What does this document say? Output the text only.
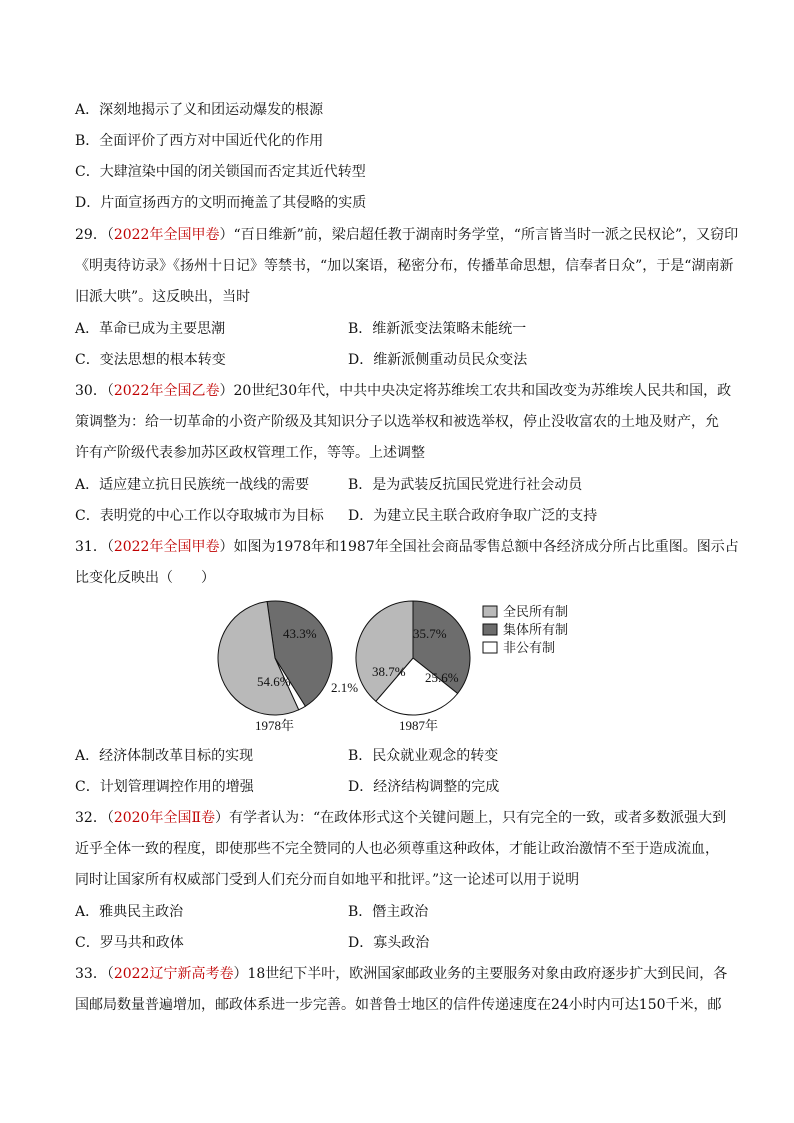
A．深刻地揭示了义和团运动爆发的根源
B．全面评价了西方对中国近代化的作用
C．大肆渲染中国的闭关锁国而否定其近代转型
D．片面宣扬西方的文明而掩盖了其侵略的实质
29．（2022年全国甲卷）“百日维新”前，梁启超任教于湖南时务学堂，“所言皆当时一派之民权论”，又窃印
《明夷待访录》《扬州十日记》等禁书，“加以案语，秘密分布，传播革命思想，信奉者日众”，于是“湖南新
旧派大哄”。这反映出，当时
A．革命已成为主要思潮	B．维新派变法策略未能统一
C．变法思想的根本转变	D．维新派侧重动员民众变法
30．（2022年全国乙卷）20世纪30年代，中共中央决定将苏维埃工农共和国改变为苏维埃人民共和国，政
策调整为：给一切革命的小资产阶级及其知识分子以选举权和被选举权，停止没收富农的土地及财产，允
许有产阶级代表参加苏区政权管理工作，等等。上述调整
A．适应建立抗日民族统一战线的需要	B．是为武装反抗国民党进行社会动员
C．表明党的中心工作以夺取城市为目标 D．为建立民主联合政府争取广泛的支持
31．（2022年全国甲卷）如图为1978年和1987年全国社会商品零售总额中各经济成分所占比重图。图示占
比变化反映出（　　）
54.6%
43.3%
2.1%
1978年
38.7%
35.7%
25.6%
1987年
全民所有制
集体所有制
非公有制
A．经济体制改革目标的实现	B．民众就业观念的转变
C．计划管理调控作用的增强	D．经济结构调整的完成
32．（2020年全国Ⅱ卷）有学者认为：“在政体形式这个关键问题上，只有完全的一致，或者多数派强大到
近乎全体一致的程度，即使那些不完全赞同的人也必须尊重这种政体，才能让政治激情不至于造成流血，
同时让国家所有权威部门受到人们充分而自如地平和批评。”这一论述可以用于说明
A．雅典民主政治	B．僭主政治
C．罗马共和政体	D．寡头政治
33．（2022辽宁新高考卷）18世纪下半叶，欧洲国家邮政业务的主要服务对象由政府逐步扩大到民间，各
国邮局数量普遍增加，邮政体系进一步完善。如普鲁士地区的信件传递速度在24小时内可达150千米，邮
